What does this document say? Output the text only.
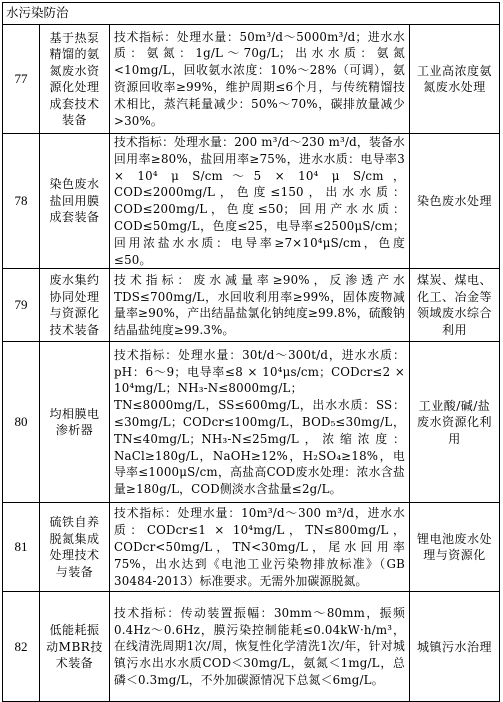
水污染防治			
77	基于热泵精馏的氨氮废水资源化处理成套技术装备	技术指标：处理水量：50m³/d～5000m³/d；进水水质：氨氮：1g/L～70g/L；出水水质：氨氮<10mg/L，回收氨水浓度：10%～28%（可调），氨资源回收率≥99%，维护周期≤6个月，与传统精馏技术相比，蒸汽耗量减少：50%～70%，碳排放量减少>30%。	工业高浓度氨氮废水处理
78	染色废水盐回用膜成套装备	技术指标：处理水量：200 m³/d～230 m³/d，装备水回用率≥80%，盐回用率≥75%，进水水质：电导率3 × 10⁴ μ S/cm～5 × 10⁴ μ S/cm，COD≤2000mg/L，色度≤150，出水水质：COD≤200mg/L，色度≤50；回用产水水质：COD≤50mg/L，色度≤25，电导率≤2500μS/cm；回用浓盐水水质：电导率≥7×10⁴μS/cm，色度≤50。	染色废水处理
79	废水集约协同处理与资源化技术装备	技术指标：废水减量率≥90%，反渗透产水TDS≤700mg/L，水回收利用率≥99%，固体废物减量率≥90%，产出结晶盐氯化钠纯度≥99.8%，硫酸钠结晶盐纯度≥99.3%。	煤炭、煤电、化工、冶金等领域废水综合利用
80	均相膜电渗析器	技术指标：处理水量：30t/d～300t/d，进水水质：pH：6～9；电导率≤8 × 10⁴μs/cm；CODcr≤2 × 10⁴mg/L；NH₃-N≤8000mg/L；TN≤8000mg/L，SS≤600mg/L，出水水质：SS：≤30mg/L；CODcr≤100mg/L，BOD₅≤30mg/L，TN≤40mg/L；NH₃-N≤25mg/L，浓缩浓度：NaCl≥180g/L，NaOH≥12%，H₂SO₄≥18%，电导率≤1000μS/cm，高盐高COD废水处理：浓水含盐量≥180g/L，COD侧淡水含盐量≤2g/L。	工业酸/碱/盐废水资源化利用
81	硫铁自养脱氮集成处理技术与装备	技术指标：处理水量：10m³/d～300 m³/d，进水水质：CODcr≤1 × 10⁴mg/L，TN≤800mg/L，CODcr<50mg/L，TN<30mg/L，尾水回用率75%，出水达到《电池工业污染物排放标准》（GB 30484-2013）标准要求。无需外加碳源脱氮。	锂电池废水处理与资源化
82	低能耗振动MBR技术装备	技术指标：传动装置振幅：30mm～80mm，振频0.4Hz～0.6Hz，膜污染控制能耗≤0.04kW·h/m³，在线清洗周期1次/周，恢复性化学清洗1次/年，针对城镇污水出水水质COD＜30mg/L，氨氮＜1mg/L，总磷＜0.3mg/L，不外加碳源情况下总氮＜6mg/L。	城镇污水治理
